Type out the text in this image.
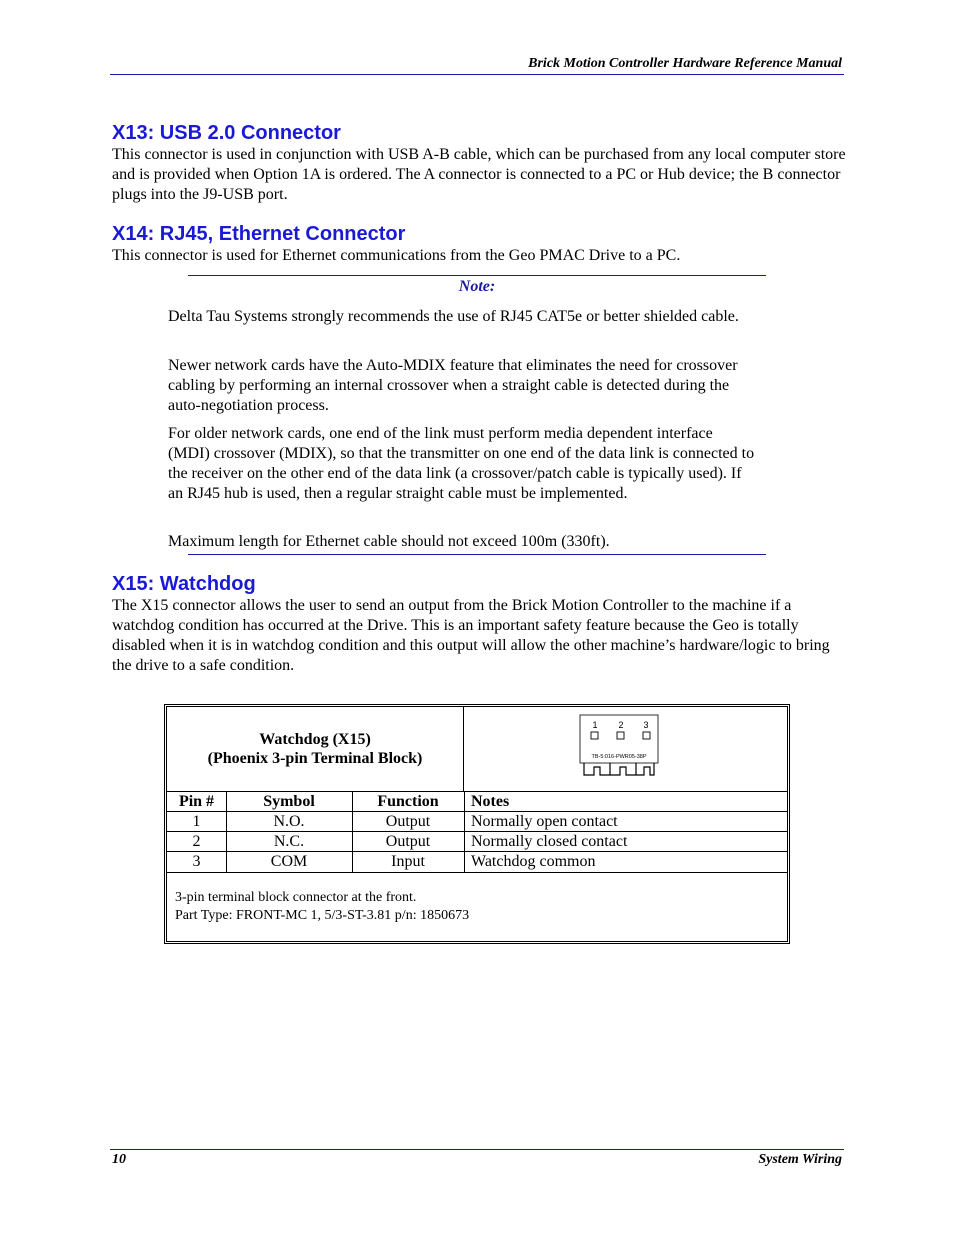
Brick Motion Controller Hardware Reference Manual
X13: USB 2.0 Connector

This connector is used in conjunction with USB A-B cable, which can be purchased from any local computer store and is provided when Option 1A is ordered. The A connector is connected to a PC or Hub device; the B connector plugs into the J9-USB port.

X14: RJ45, Ethernet Connector

This connector is used for Ethernet communications from the Geo PMAC Drive to a PC.

Note:

Delta Tau Systems strongly recommends the use of RJ45 CAT5e or better shielded cable.

Newer network cards have the Auto-MDIX feature that eliminates the need for crossover cabling by performing an internal crossover when a straight cable is detected during the auto-negotiation process.

For older network cards, one end of the link must perform media dependent interface (MDI) crossover (MDIX), so that the transmitter on one end of the data link is connected to the receiver on the other end of the data link (a crossover/patch cable is typically used). If an RJ45 hub is used, then a regular straight cable must be implemented.

Maximum length for Ethernet cable should not exceed 100m (330ft).

X15: Watchdog

The X15 connector allows the user to send an output from the Brick Motion Controller to the machine if a watchdog condition has occurred at the Drive. This is an important safety feature because the Geo is totally disabled when it is in watchdog condition and this output will allow the other machine’s hardware/logic to bring the drive to a safe condition.

Watchdog (X15)
(Phoenix 3-pin Terminal Block)
1 2 3
TB-5:016-PWR05-38P
Pin #	Symbol	Function	Notes
1	N.O.	Output	Normally open contact
2	N.C.	Output	Normally closed contact
3	COM	Input	Watchdog common
3-pin terminal block connector at the front.
Part Type: FRONT-MC 1, 5/3-ST-3.81 p/n: 1850673
10	System Wiring
